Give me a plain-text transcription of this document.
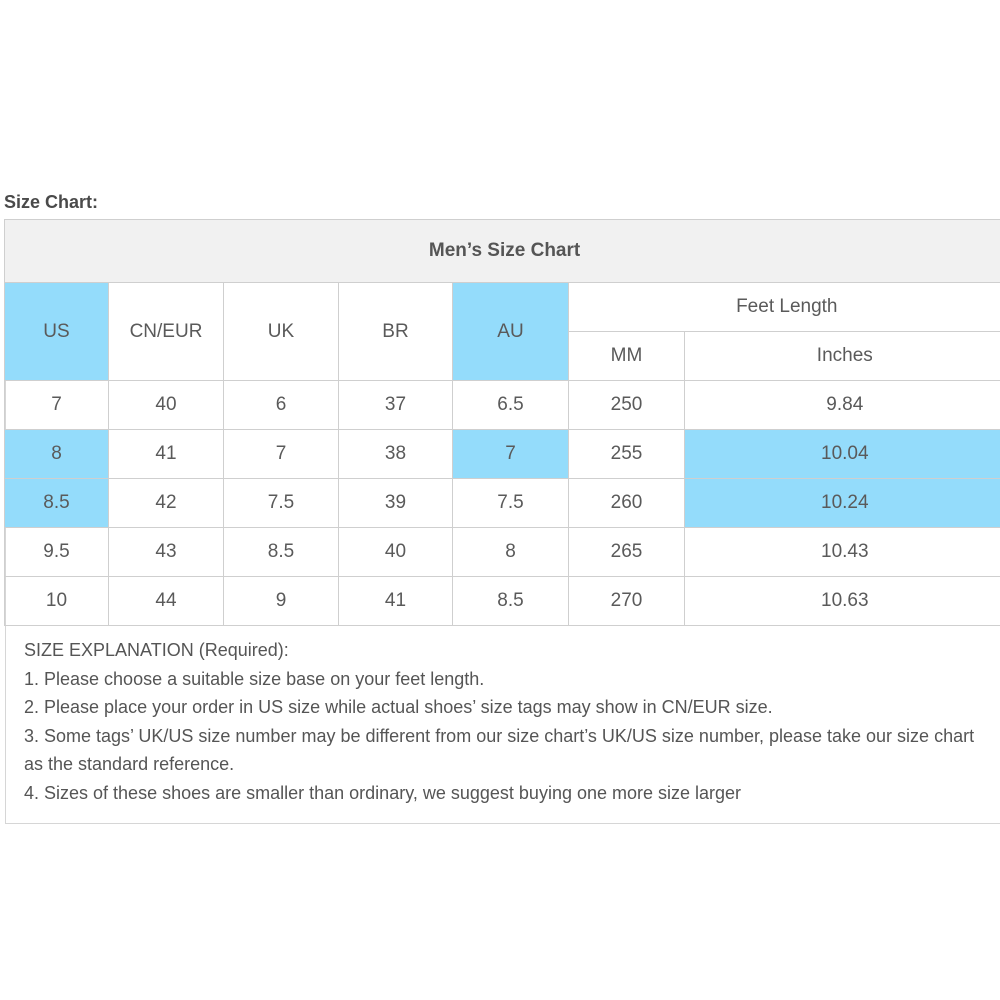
Size Chart:
Men’s Size Chart						
US	CN/EUR	UK	BR	AU	Feet Length	
					MM	Inches
7	40	6	37	6.5	250	9.84
8	41	7	38	7	255	10.04
8.5	42	7.5	39	7.5	260	10.24
9.5	43	8.5	40	8	265	10.43
10	44	9	41	8.5	270	10.63
SIZE EXPLANATION (Required):
1. Please choose a suitable size base on your feet length.
2. Please place your order in US size while actual shoes’ size tags may show in CN/EUR size.
3. Some tags’ UK/US size number may be different from our size chart’s UK/US size number, please take our size chart as the standard reference.
4. Sizes of these shoes are smaller than ordinary, we suggest buying one more size larger
